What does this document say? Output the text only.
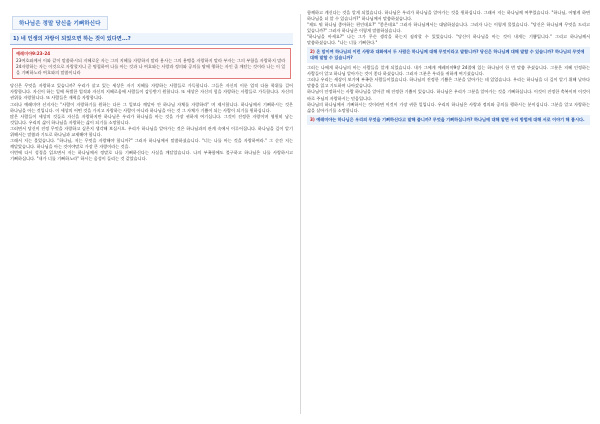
하나님은 정말 당신을 기뻐하신다
1) 네 인생의 자랑이 되었으면 하는 것이 있다면...?
예레미야9:23-24
23여호와께서 이와 같이 말씀하시되 지혜로운 자는 그의 지혜를 자랑하지 말라 용사는 그의 용맹을 자랑하지 말라 부자는 그의 부함을 자랑하지 말라 24자랑하는 자는 이것으로 자랑할지니 곧 명철하여 나를 아는 것과 나 여호와는 사랑과 정의와 공의를 땅에 행하는 자인 줄 깨닫는 것이라 나는 이 일을 기뻐하노라 여호와의 말씀이니라

당신은 무엇을 자랑하고 있습니까? 우리가 살고 있는 세상은 자기 지혜를 자랑하는 사람들로 가득합니다. 그들은 자신의 이룬 업적 다름 학위를 걸어 자랑합니다. 자신이 하는 일에 특별한 업적과 자신의 지혜로움에 사람들이 감동받기 원합니다. 또 세상은 자신의 힘을 자랑하는 사람들로 가득합니다. 자신의 권위를 자랑합니다. 또 사람들은 재력을 자랑합니다.

그러나 예레미야 선지자는 "사람이 자랑하기를 원하는 다른 그 일보다 깨달아 안 하나님 자체를 자랑하라" 며 제시합니다. 하나님께서 기뻐하시는 것은 하나님을 아는 것입니다. 이 세상의 어떤 것을 가지고 자랑하는 사람이 아니라 하나님을 아는 것 그 자체가 기쁨이 되는 사람이 되기를 원하십니다.

많은 사람들이 세상의 것들로 자신을 자랑하지만 하나님은 우리가 하나님을 아는 것을 가장 귀하게 여기십니다. 그것이 진정한 자랑이며 영원히 남는 것입니다. 우리의 삶이 하나님을 자랑하는 삶이 되기를 소망합니다.

그러면서 당신이 진정 무엇을 자랑하고 싶은지 생각해 보십시오. 우리가 하나님을 알아가는 것은 하나님과의 관계 속에서 이루어집니다. 하나님을 깊이 알기 위해서는 말씀과 기도로 하나님과 교제해야 합니다.

그래서 저는 물었습니다. "하나님, 저는 무엇을 자랑해야 합니까?" 그러자 하나님께서 말씀하셨습니다. "너는 나를 아는 것을 자랑하여라." 그 순간 저는 깨달았습니다. 하나님을 아는 것이야말로 가장 큰 자랑이라는 것을.

이번에 다시 성경을 읽으면서 저는 하나님께서 정말로 나를 기뻐하신다는 사실을 깨달았습니다. 나의 부족함에도 불구하고 하나님은 나를 사랑하시고 기뻐하십니다. "내가 너를 기뻐하노라" 하시는 음성이 들리는 것 같았습니다.

함께하고 계신다는 것을 알게 되었습니다. 하나님은 우리가 하나님을 알아가는 것을 원하십니다. 그래서 저는 하나님께 여쭈었습니다. "하나님, 어떻게 하면 하나님을 더 알 수 있습니까?" 하나님께서 말씀하셨습니다.

"제도 뭐 하나님 좋아하는 편인데요?" "좋은데요" 그러자 하나님께서는 대답하셨습니다. 그러자 나는 이렇게 물었습니다. "당신은 하나님께 무엇을 드리고 있습니까?" 그러자 하나님은 이렇게 말씀하셨습니다.

"하나님을 아세요?" 나는 그가 무슨 생각을 하는지 짐작할 수 있었습니다. "당신이 하나님을 아는 것이 내게는 기쁨입니다." 그리고 하나님께서 말씀하셨습니다. "나는 너를 기뻐한다."

2) 온 맘이여 하나님의 이런 사랑과 대화에서 두 사람은 하나님께 대해 무엇이라고 말합니까? 당신은 하나님께 대해 말할 수 있습니까? 하나님의 무엇에 대해 말할 수 있습니까?

그러는 나에게 하나님의 아는 사람들을 알게 되었습니다. 내가 그에게 예레미야9장 24절에 있는 하나님이 한 번 말씀 주셨습니다. 그분은 지혜 인정하는 사람들이 알고 하나님 알아가는 것이 좋다 하셨습니다. 그러자 그분은 우리를 귀하게 여기셨습니다.

그러나 우리는 세상이 보기에 부족한 사람들이었습니다. 하나님의 진정한 기쁨은 그분을 알아가는 데 있었습니다. 우리는 하나님을 더 깊이 알기 위해 날마다 말씀을 읽고 기도하며 나아갔습니다.

하나님이 인정하시는 사람 하나님을 알아갈 때 진정한 기쁨이 있습니다. 하나님은 우리가 그분을 알아가는 것을 기뻐하십니다. 이것이 진정한 축복이며 이것이 바로 주님의 자랑하시는 믿음입니다.

하나님의 하나님께서 기뻐하시는 것이라면 이것이 가장 귀한 일입니다. 우리의 하나님은 사랑과 정의와 공의를 행하시는 분이십니다. 그분을 알고 자랑하는 삶을 살아가기를 소망합니다.

3) 예레미야는 하나님은 우리의 무엇을 기뻐하신다고 말해 줍니까? 무엇을 기뻐하십니까? 하나님에 대해 알면 우리 방법에 대해 서로 이야기 해 봅시다.
